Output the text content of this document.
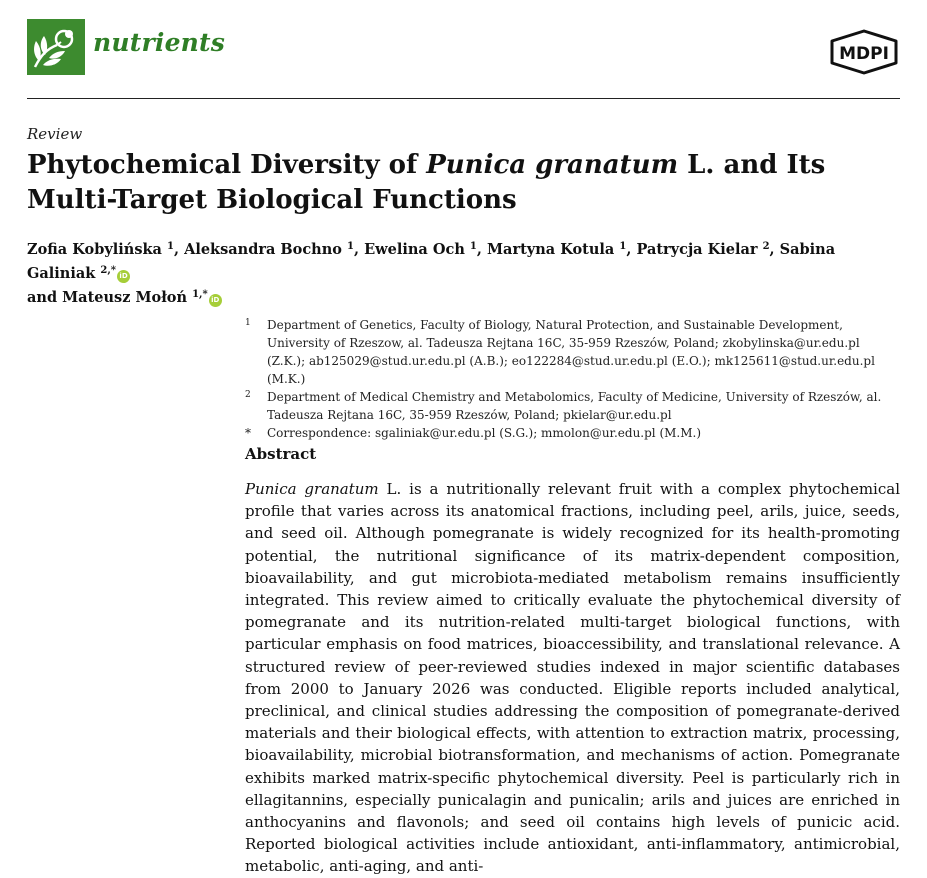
nutrients	MDPI
Review
Phytochemical Diversity of Punica granatum L. and Its Multi-Target Biological Functions
Zofia Kobylińska $^1$, Aleksandra Bochno $^1$, Ewelina Och $^1$, Martyna Kotula $^1$, Patrycja Kielar $^2$, Sabina Galiniak $^{2,*}$ iD
and Mateusz Mołoń $^{1,*}$ iD
1 Department of Genetics, Faculty of Biology, Natural Protection, and Sustainable Development, University of Rzeszow, al. Tadeusza Rejtana 16C, 35-959 Rzeszów, Poland; zkobylinska@ur.edu.pl (Z.K.); ab125029@stud.ur.edu.pl (A.B.); eo122284@stud.ur.edu.pl (E.O.); mk125611@stud.ur.edu.pl (M.K.)
2 Department of Medical Chemistry and Metabolomics, Faculty of Medicine, University of Rzeszów, al. Tadeusza Rejtana 16C, 35-959 Rzeszów, Poland; pkielar@ur.edu.pl
* Correspondence: sgaliniak@ur.edu.pl (S.G.); mmolon@ur.edu.pl (M.M.)
Abstract

Punica granatum L. is a nutritionally relevant fruit with a complex phytochemical profile that varies across its anatomical fractions, including peel, arils, juice, seeds, and seed oil. Although pomegranate is widely recognized for its health-promoting potential, the nutritional significance of its matrix-dependent composition, bioavailability, and gut microbiota-mediated metabolism remains insufficiently integrated. This review aimed to critically evaluate the phytochemical diversity of pomegranate and its nutrition-related multi-target biological functions, with particular emphasis on food matrices, bioaccessibility, and translational relevance. A structured review of peer-reviewed studies indexed in major scientific databases from 2000 to January 2026 was conducted. Eligible reports included analytical, preclinical, and clinical studies addressing the composition of pomegranate-derived materials and their biological effects, with attention to extraction matrix, processing, bioavailability, microbial biotransformation, and mechanisms of action. Pomegranate exhibits marked matrix-specific phytochemical diversity. Peel is particularly rich in ellagitannins, especially punicalagin and punicalin; arils and juices are enriched in anthocyanins and flavonols; and seed oil contains high levels of punicic acid. Reported biological activities include antioxidant, anti-inflammatory, antimicrobial, metabolic, anti-aging, and anti-
